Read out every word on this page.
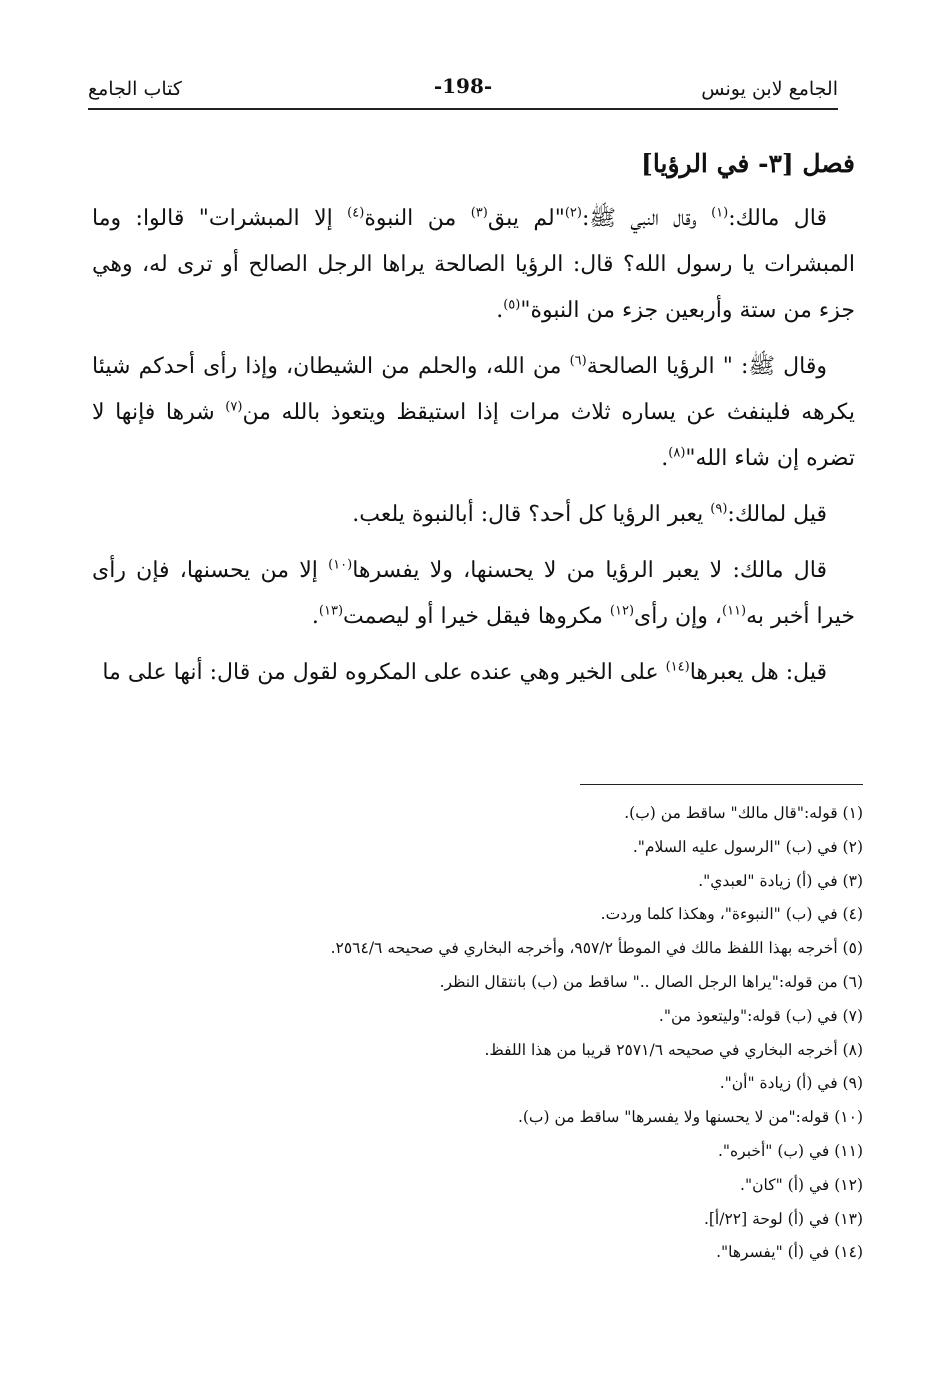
الجامع لابن يونس
-198-
كتاب الجامع
فصل [٣- في الرؤيا]

قال مالك:$^{(١)}$ وقال النبي ﷺ:$^{(٢)}$"لم يبق$^{(٣)}$ من النبوة$^{(٤)}$ إلا المبشرات" قالوا: وما المبشرات يا رسول الله؟ قال: الرؤيا الصالحة يراها الرجل الصالح أو ترى له، وهي جزء من ستة وأربعين جزء من النبوة"$^{(٥)}$.

وقال ﷺ: " الرؤيا الصالحة$^{(٦)}$ من الله، والحلم من الشيطان، وإذا رأى أحدكم شيئا يكرهه فلينفث عن يساره ثلاث مرات إذا استيقظ ويتعوذ بالله من$^{(٧)}$ شرها فإنها لا تضره إن شاء الله"$^{(٨)}$.

قيل لمالك:$^{(٩)}$ يعبر الرؤيا كل أحد؟ قال: أبالنبوة يلعب.

قال مالك: لا يعبر الرؤيا من لا يحسنها، ولا يفسرها$^{(١٠)}$ إلا من يحسنها، فإن رأى خيرا أخبر به$^{(١١)}$، وإن رأى$^{(١٢)}$ مكروها فيقل خيرا أو ليصمت$^{(١٣)}$.

قيل: هل يعبرها$^{(١٤)}$ على الخير وهي عنده على المكروه لقول من قال: أنها على ما

(١) قوله:"قال مالك" ساقط من (ب).
(٢) في (ب) "الرسول عليه السلام".
(٣) في (أ) زيادة "لعبدي".
(٤) في (ب) "النبوءة"، وهكذا كلما وردت.
(٥) أخرجه بهذا اللفظ مالك في الموطأ ٩٥٧/٢، وأخرجه البخاري في صحيحه ٢٥٦٤/٦.
(٦) من قوله:"يراها الرجل الصال .." ساقط من (ب) بانتقال النظر.
(٧) في (ب) قوله:"وليتعوذ من".
(٨) أخرجه البخاري في صحيحه ٢٥٧١/٦ قريبا من هذا اللفظ.
(٩) في (أ) زيادة "أن".
(١٠) قوله:"من لا يحسنها ولا يفسرها" ساقط من (ب).
(١١) في (ب) "أخبره".
(١٢) في (أ) "كان".
(١٣) في (أ) لوحة [٢٢/أ].
(١٤) في (أ) "يفسرها".
